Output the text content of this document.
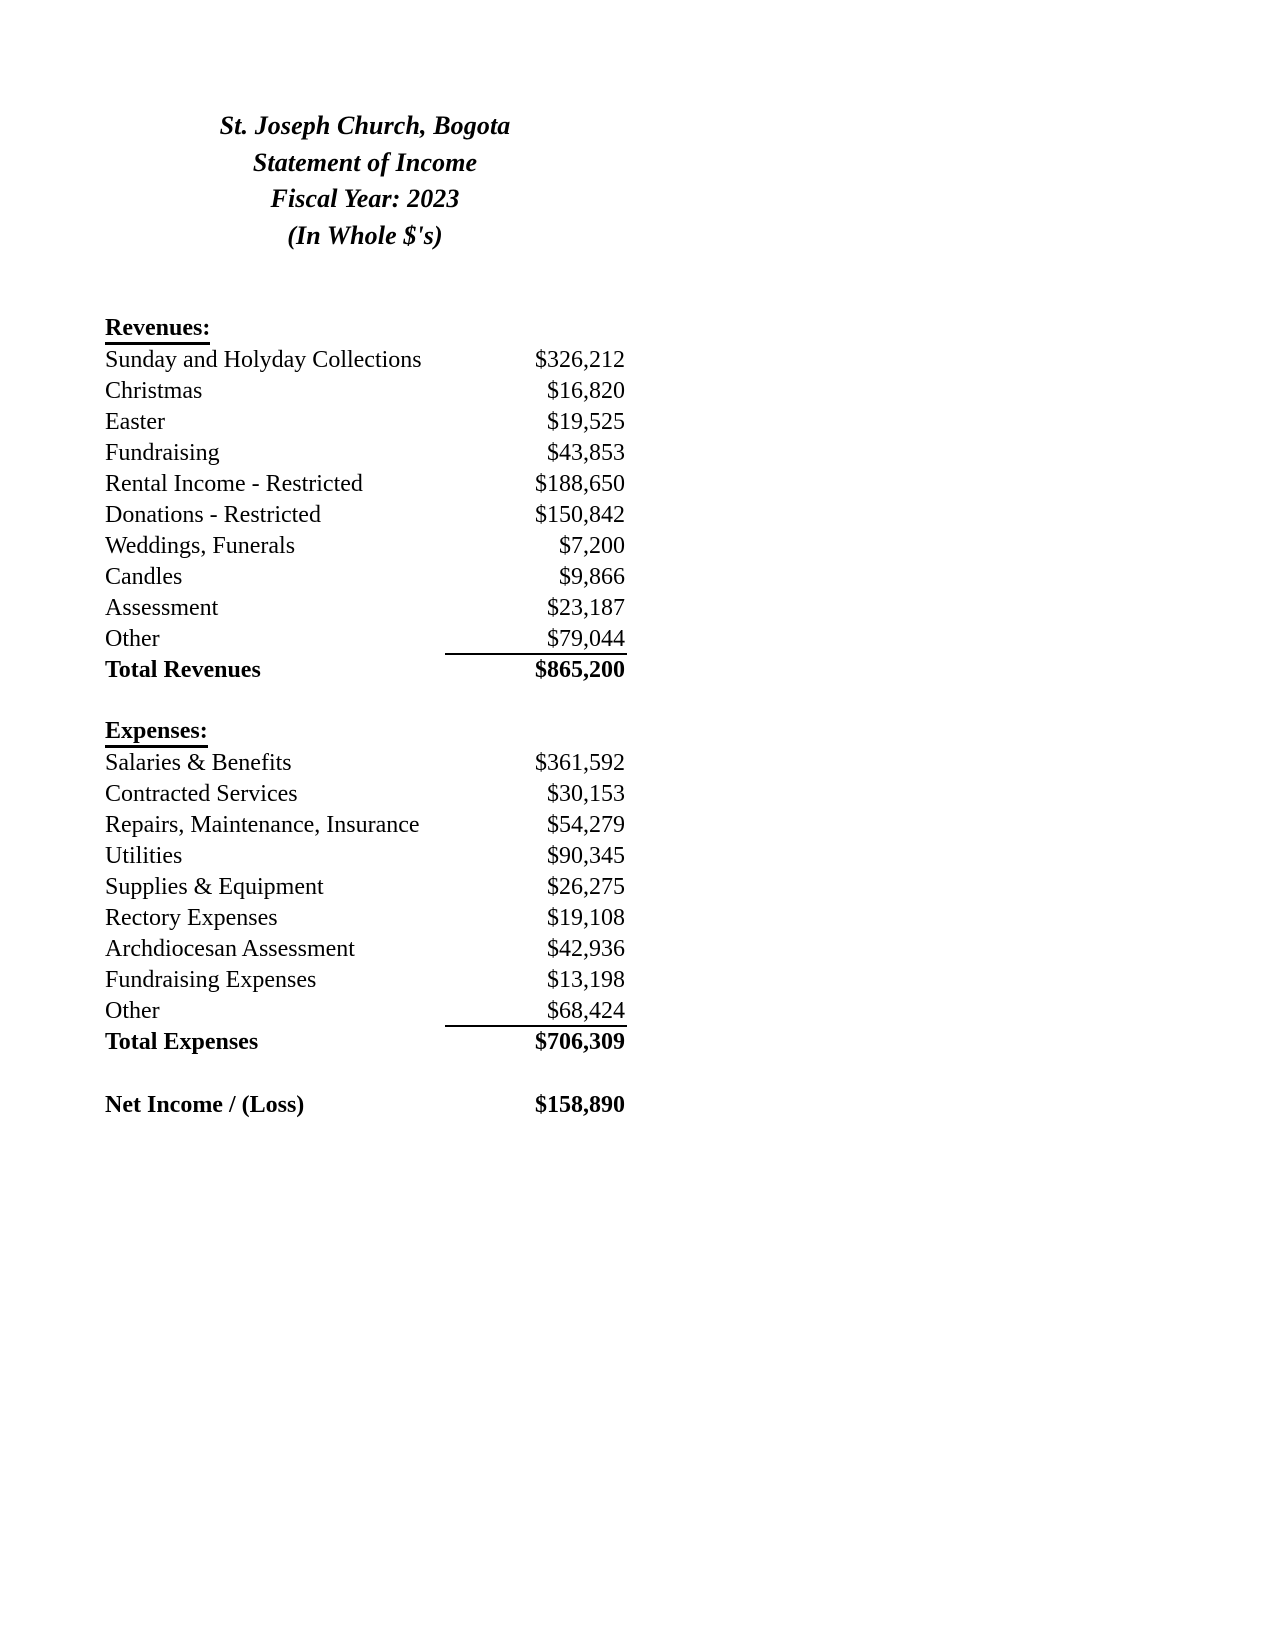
St. Joseph Church, Bogota
Statement of Income
Fiscal Year: 2023
(In Whole $'s)
Revenues:
Sunday and Holyday Collections	$326,212
Christmas	$16,820
Easter	$19,525
Fundraising	$43,853
Rental Income - Restricted	$188,650
Donations - Restricted	$150,842
Weddings, Funerals	$7,200
Candles	$9,866
Assessment	$23,187
Other	$79,044
Total Revenues	$865,200
Expenses:
Salaries & Benefits	$361,592
Contracted Services	$30,153
Repairs, Maintenance, Insurance	$54,279
Utilities	$90,345
Supplies & Equipment	$26,275
Rectory Expenses	$19,108
Archdiocesan Assessment	$42,936
Fundraising Expenses	$13,198
Other	$68,424
Total Expenses	$706,309
Net Income / (Loss)	$158,890
